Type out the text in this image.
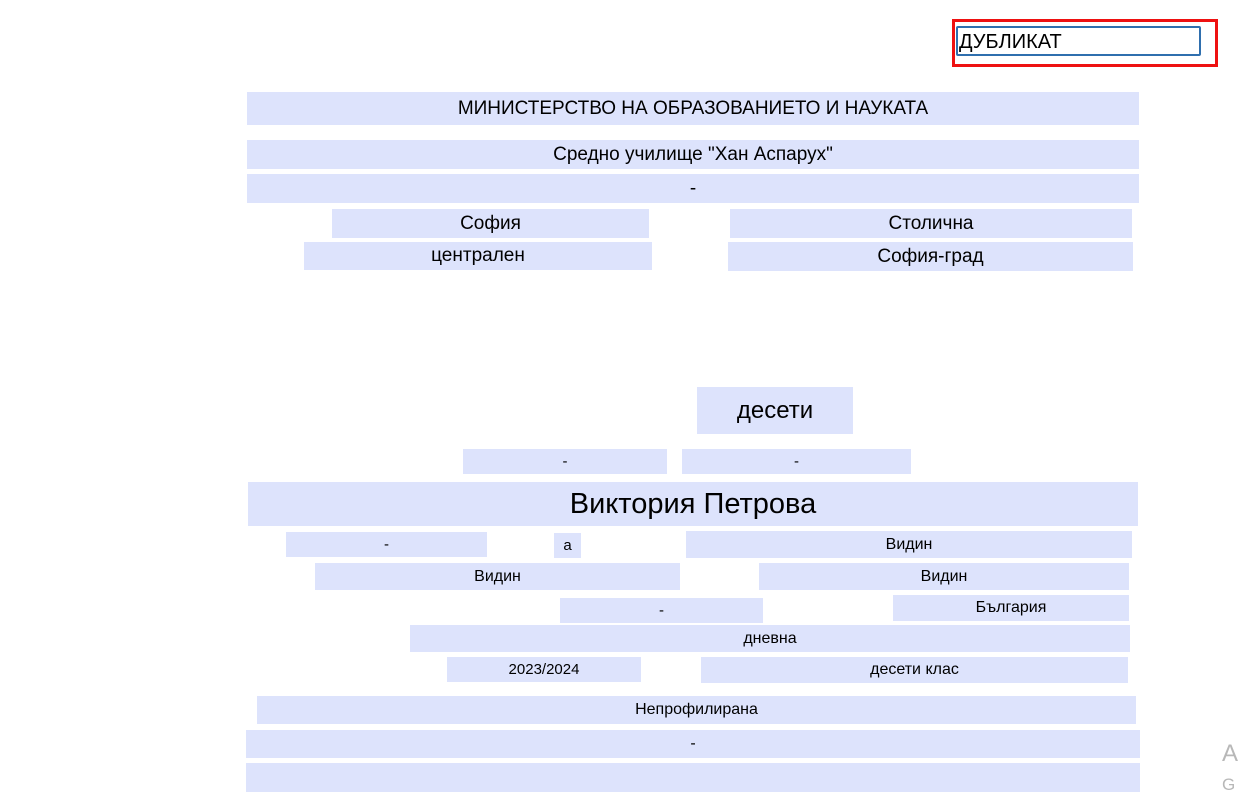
ДУБЛИКАТ
МИНИСТЕРСТВО НА ОБРАЗОВАНИЕТО И НАУКАТА
Средно училище "Хан Аспарух"
-
София	Столична
централен	София-град
десети
-	-
Виктория Петрова
-	а	Видин
Видин	Видин
-	България
дневна
2023/2024	десети клас
Непрофилирана
-	A
G
